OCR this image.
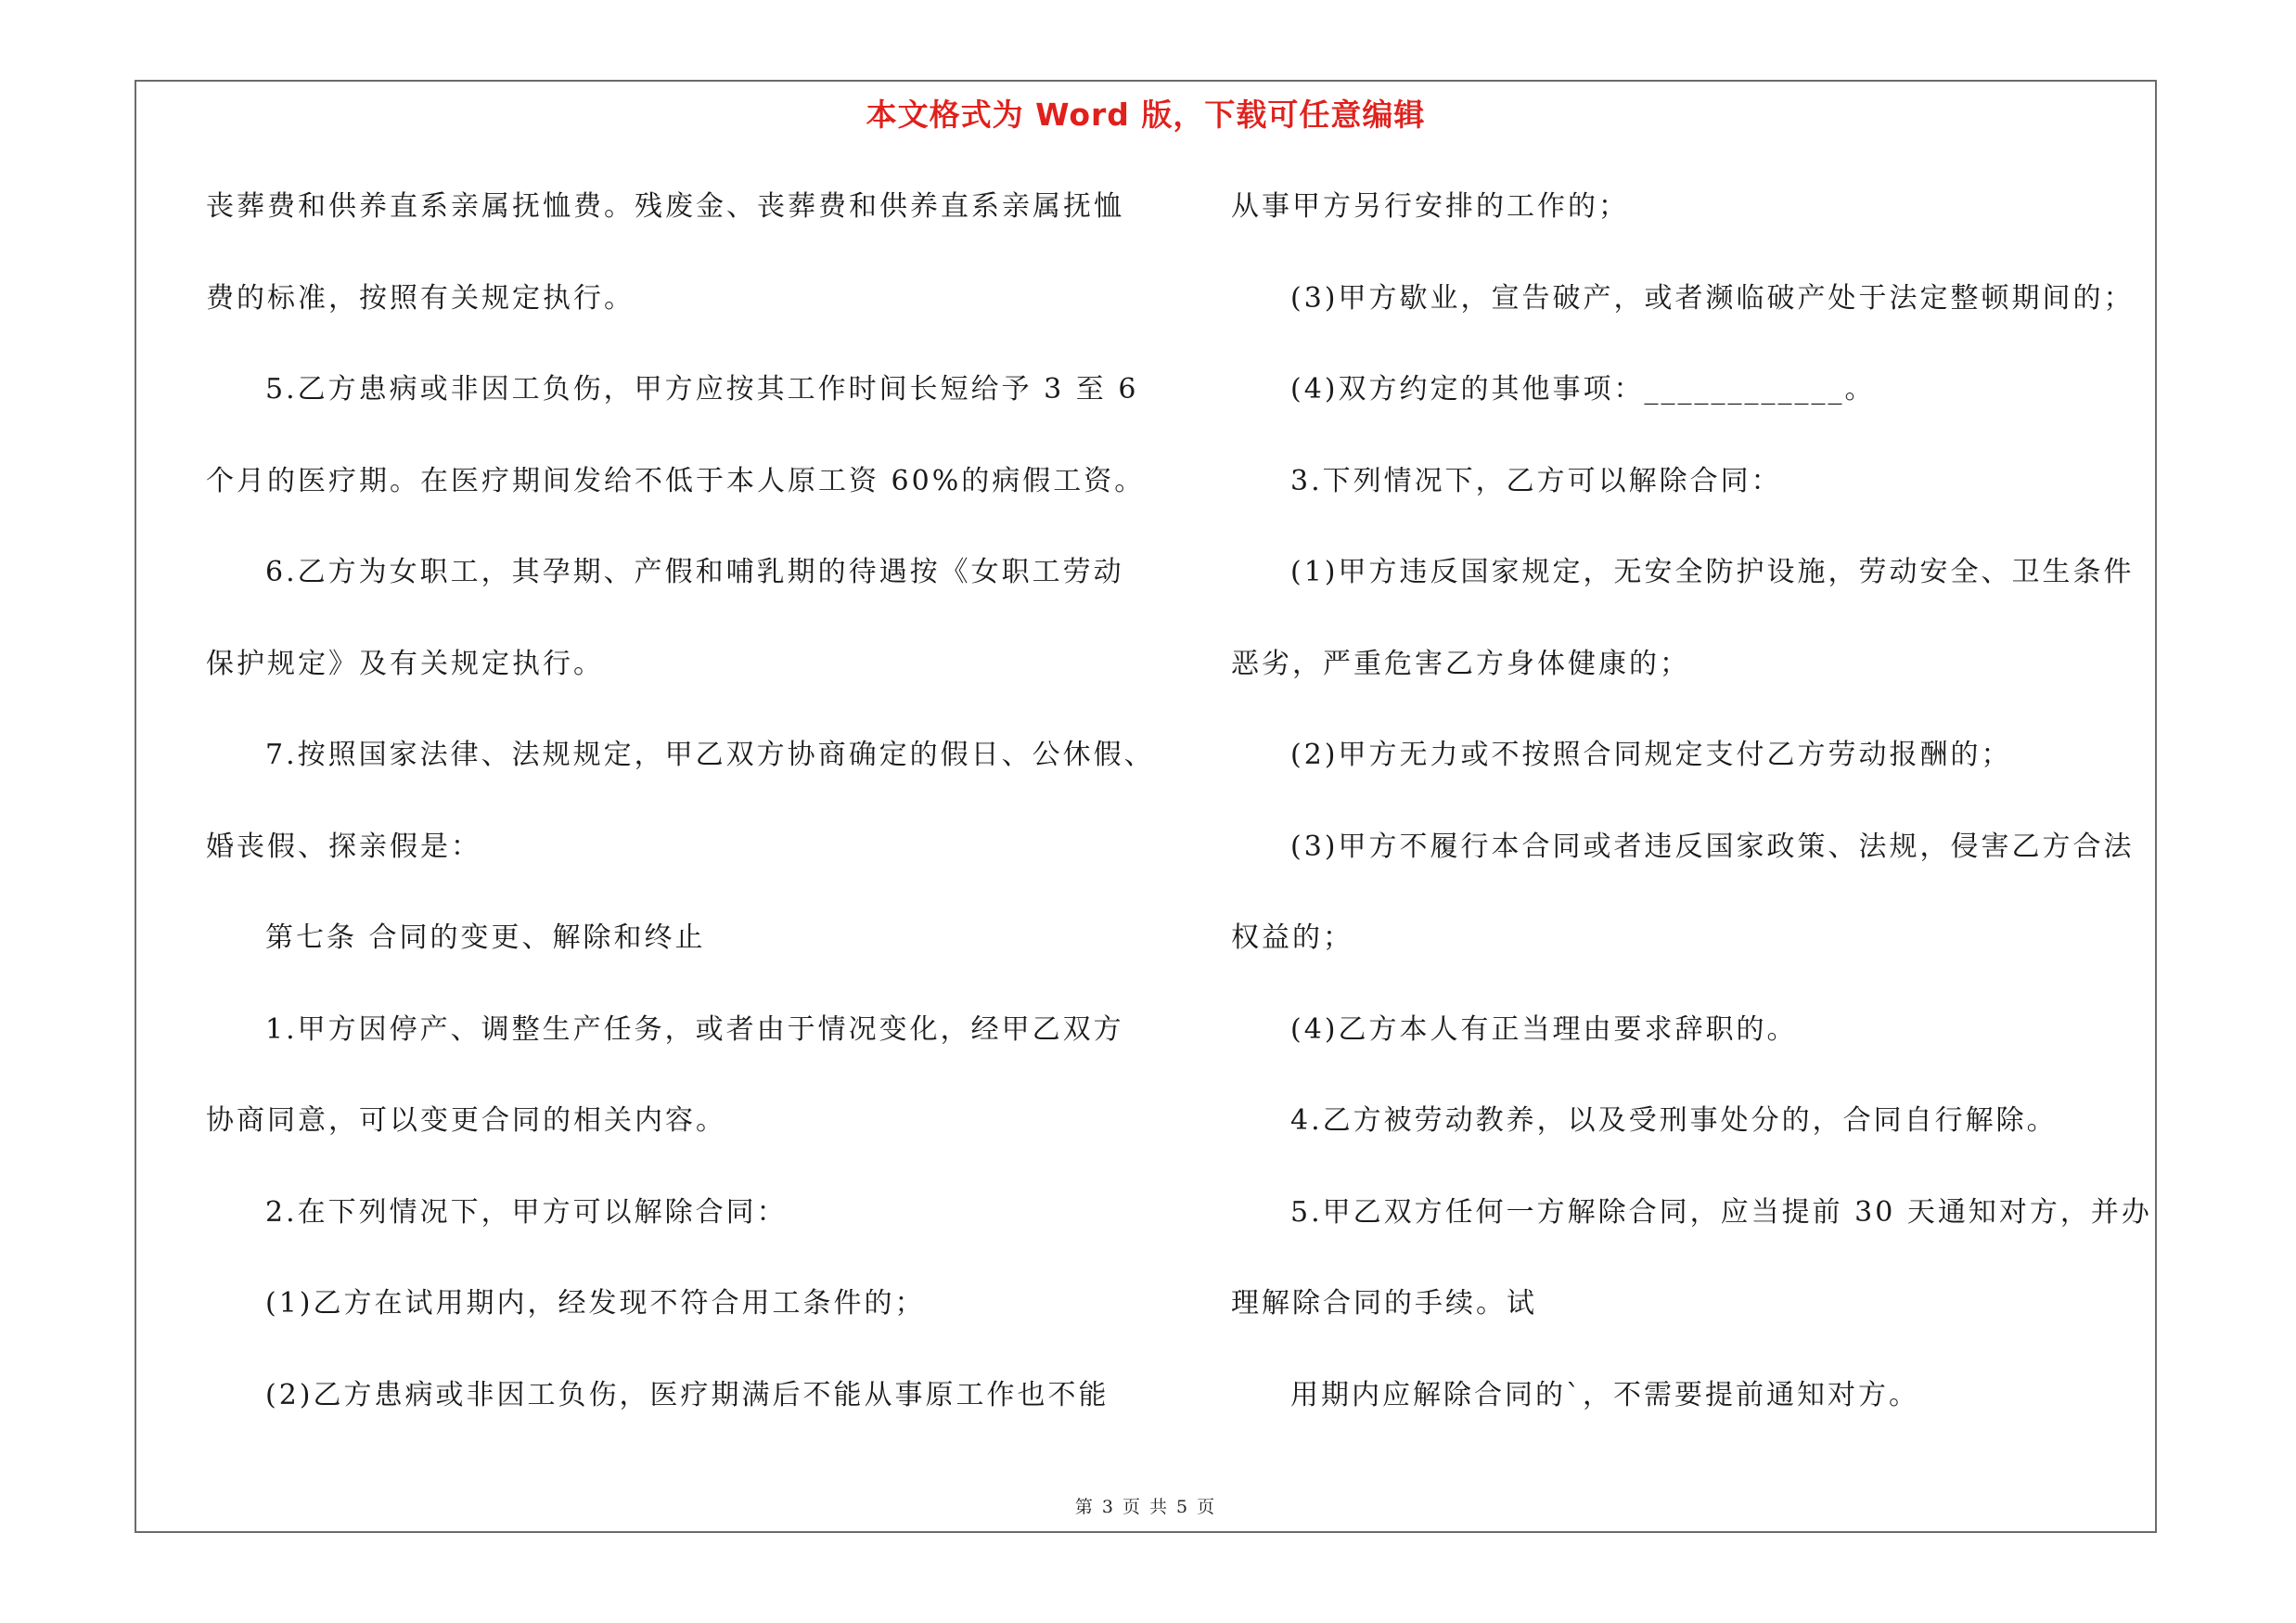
本文格式为 Word 版，下载可任意编辑
丧葬费和供养直系亲属抚恤费。残废金、丧葬费和供养直系亲属抚恤
费的标准，按照有关规定执行。
5.乙方患病或非因工负伤，甲方应按其工作时间长短给予 3 至 6
个月的医疗期。在医疗期间发给不低于本人原工资 60%的病假工资。
6.乙方为女职工，其孕期、产假和哺乳期的待遇按《女职工劳动
保护规定》及有关规定执行。
7.按照国家法律、法规规定，甲乙双方协商确定的假日、公休假、
婚丧假、探亲假是：
第七条 合同的变更、解除和终止
1.甲方因停产、调整生产任务，或者由于情况变化，经甲乙双方
协商同意，可以变更合同的相关内容。
2.在下列情况下，甲方可以解除合同：
(1)乙方在试用期内，经发现不符合用工条件的；
(2)乙方患病或非因工负伤，医疗期满后不能从事原工作也不能
从事甲方另行安排的工作的；
(3)甲方歇业，宣告破产，或者濒临破产处于法定整顿期间的；
(4)双方约定的其他事项：____________。
3.下列情况下，乙方可以解除合同：
(1)甲方违反国家规定，无安全防护设施，劳动安全、卫生条件
恶劣，严重危害乙方身体健康的；
(2)甲方无力或不按照合同规定支付乙方劳动报酬的；
(3)甲方不履行本合同或者违反国家政策、法规，侵害乙方合法
权益的；
(4)乙方本人有正当理由要求辞职的。
4.乙方被劳动教养，以及受刑事处分的，合同自行解除。
5.甲乙双方任何一方解除合同，应当提前 30 天通知对方，并办
理解除合同的手续。试
用期内应解除合同的`，不需要提前通知对方。
第 3 页 共 5 页
